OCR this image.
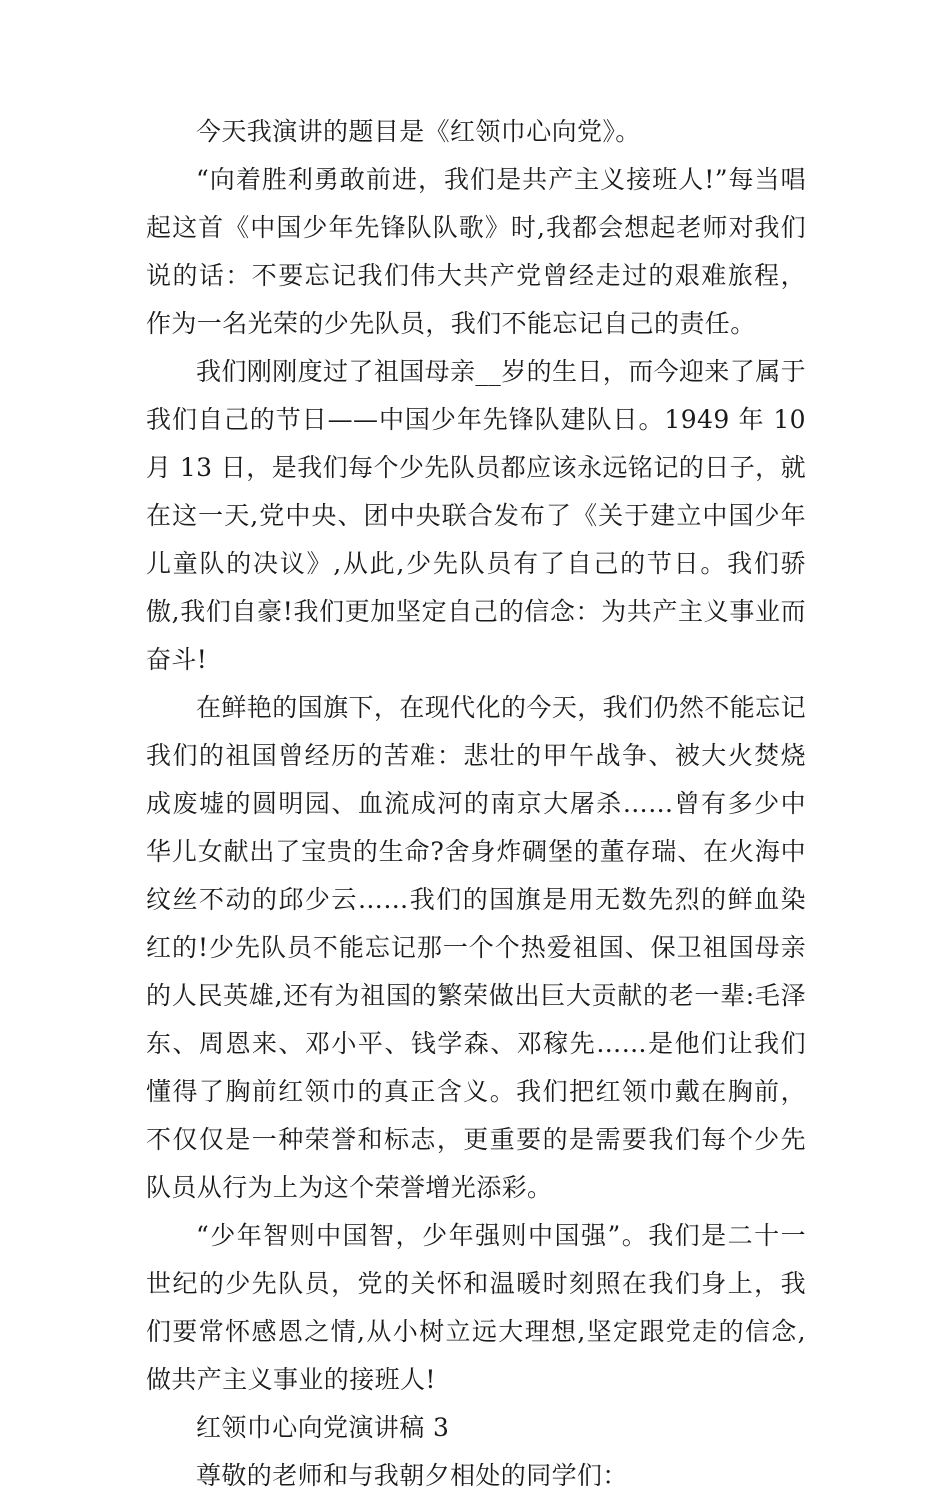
今天我演讲的题目是《红领巾心向党》。

“向着胜利勇敢前进，我们是共产主义接班人!”每当唱起这首《中国少年先锋队队歌》时,我都会想起老师对我们说的话：不要忘记我们伟大共产党曾经走过的艰难旅程，作为一名光荣的少先队员，我们不能忘记自己的责任。

我们刚刚度过了祖国母亲__岁的生日，而今迎来了属于我们自己的节日——中国少年先锋队建队日。1949 年 10 月 13 日，是我们每个少先队员都应该永远铭记的日子，就在这一天,党中央、团中央联合发布了《关于建立中国少年儿童队的决议》,从此,少先队员有了自己的节日。我们骄傲,我们自豪!我们更加坚定自己的信念：为共产主义事业而奋斗!

在鲜艳的国旗下，在现代化的今天，我们仍然不能忘记我们的祖国曾经历的苦难：悲壮的甲午战争、被大火焚烧成废墟的圆明园、血流成河的南京大屠杀……曾有多少中华儿女献出了宝贵的生命?舍身炸碉堡的董存瑞、在火海中纹丝不动的邱少云……我们的国旗是用无数先烈的鲜血染红的!少先队员不能忘记那一个个热爱祖国、保卫祖国母亲的人民英雄,还有为祖国的繁荣做出巨大贡献的老一辈:毛泽东、周恩来、邓小平、钱学森、邓稼先……是他们让我们懂得了胸前红领巾的真正含义。我们把红领巾戴在胸前，不仅仅是一种荣誉和标志，更重要的是需要我们每个少先队员从行为上为这个荣誉增光添彩。

“少年智则中国智，少年强则中国强”。我们是二十一世纪的少先队员，党的关怀和温暖时刻照在我们身上，我们要常怀感恩之情,从小树立远大理想,坚定跟党走的信念,做共产主义事业的接班人!

红领巾心向党演讲稿 3

尊敬的老师和与我朝夕相处的同学们：
